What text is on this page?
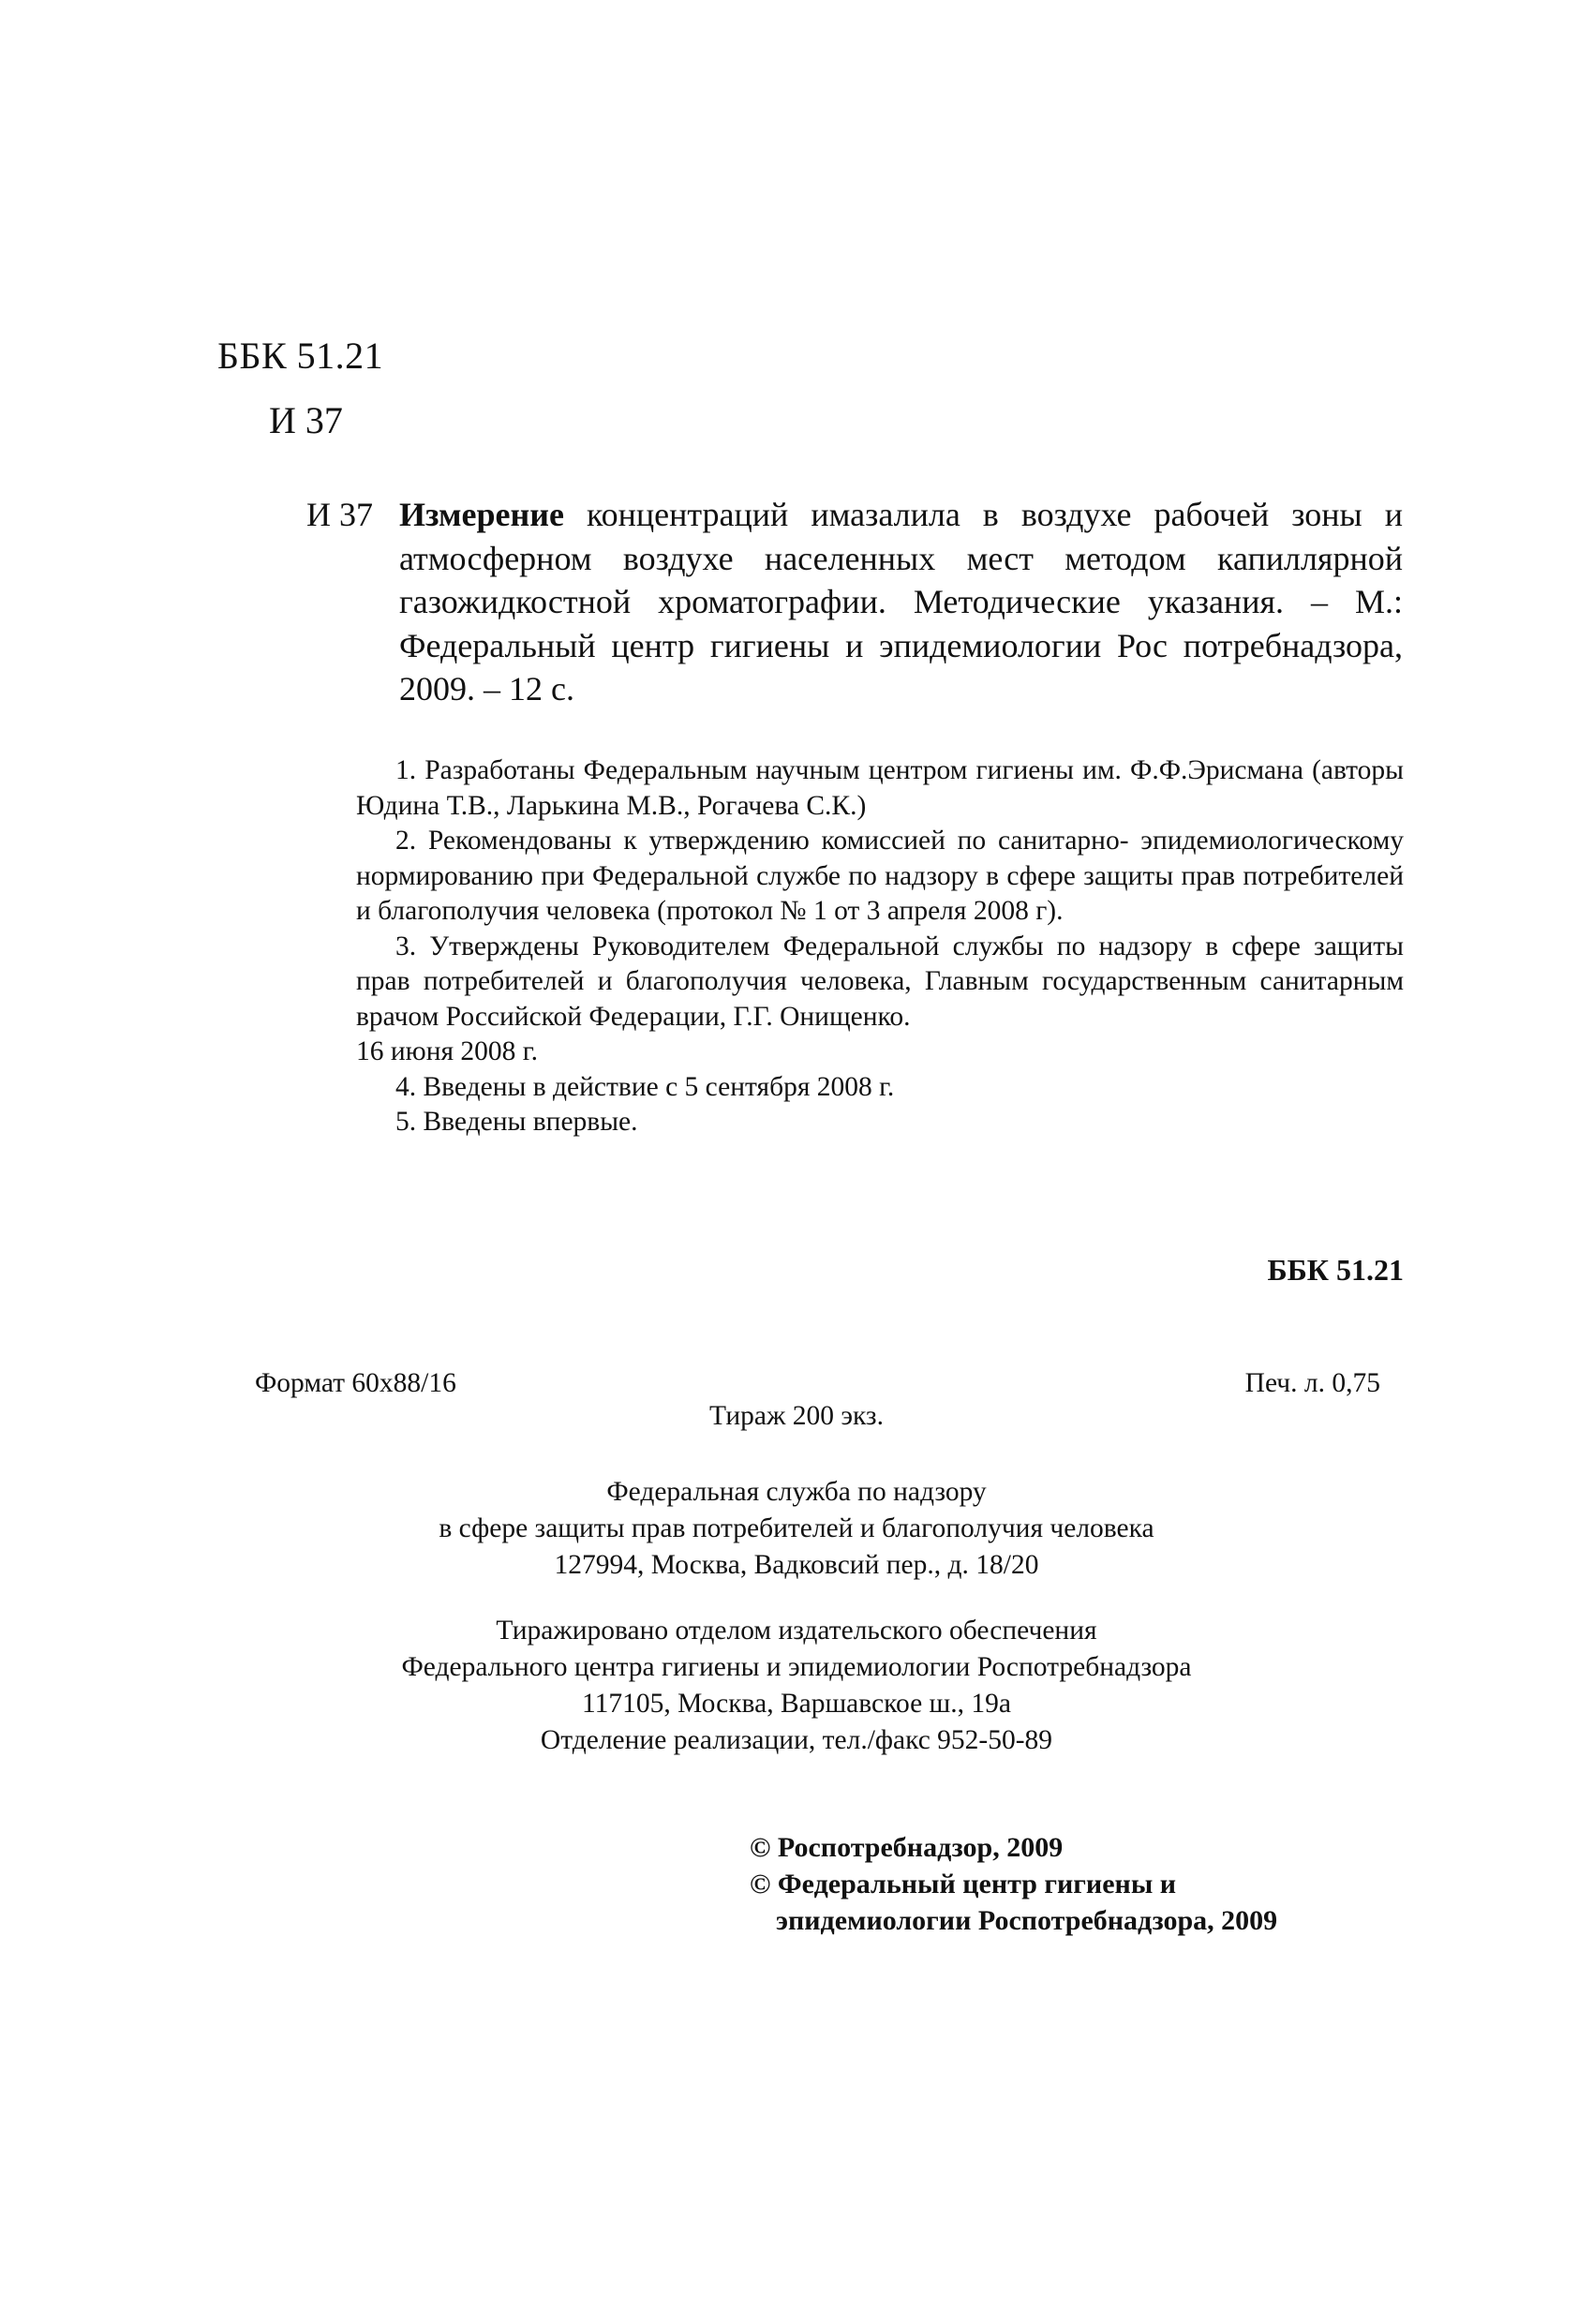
ББК 51.21
И 37
И 37 Измерение концентраций имазалила в воздухе рабочей зоны и атмосферном воздухе населенных мест методом капиллярной газожидкостной хроматографии. Методические указания. – М.: Федеральный центр гигиены и эпидемиологии Рос потребнадзора, 2009. – 12 с.

1. Разработаны Федеральным научным центром гигиены им. Ф.Ф.Эрисмана (авторы Юдина Т.В., Ларькина М.В., Рогачева С.К.)

2. Рекомендованы к утверждению комиссией по санитарно- эпидемиологическому нормированию при Федеральной службе по надзору в сфере защиты прав потребителей и благополучия человека (протокол № 1 от 3 апреля 2008 г).

3. Утверждены Руководителем Федеральной службы по надзору в сфере защиты прав потребителей и благополучия человека, Главным государственным санитарным врачом Российской Федерации, Г.Г. Онищенко.

16 июня 2008 г.

4. Введены в действие с 5 сентября 2008 г.

5. Введены впервые.

ББК 51.21
Формат 60x88/16	Печ. л. 0,75
Тираж 200 экз.
Федеральная служба по надзору
в сфере защиты прав потребителей и благополучия человека
127994, Москва, Вадковсий пер., д. 18/20
Тиражировано отделом издательского обеспечения
Федерального центра гигиены и эпидемиологии Роспотребнадзора
117105, Москва, Варшавское ш., 19а
Отделение реализации, тел./факс 952-50-89
© Роспотребнадзор, 2009
© Федеральный центр гигиены и
эпидемиологии Роспотребнадзора, 2009
